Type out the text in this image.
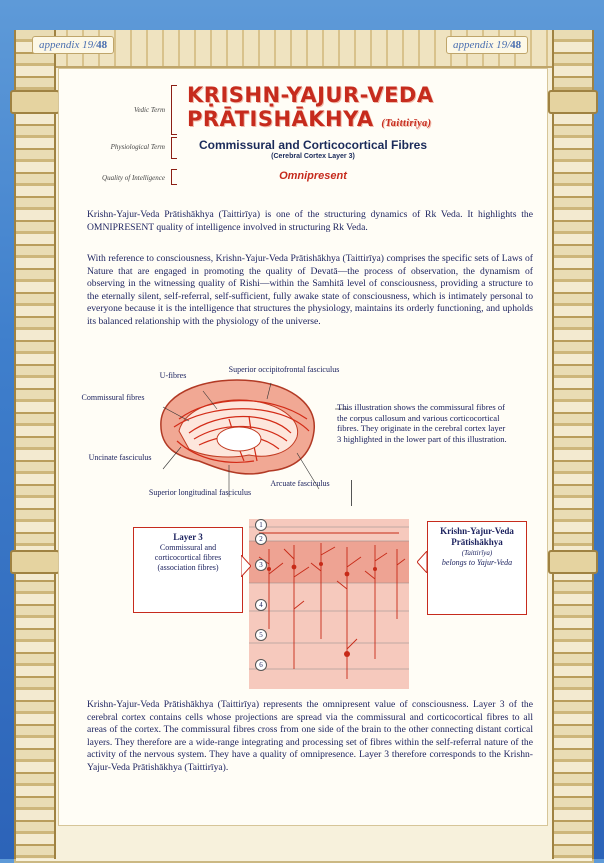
appendix 19/48	appendix 19/48
Vedic Term
Physiological Term
Quality of Intelligence
KṚISHṆ-YAJUR-VEDA
PRĀTISHĀKHYA (Taittirīya)
Commissural and Corticocortical Fibres
(Cerebral Cortex Layer 3)
Omnipresent
Krishn-Yajur-Veda Prātishākhya (Taittirīya) is one of the structuring dynamics of Rk Veda. It highlights the OMNIPRESENT quality of intelligence involved in structuring Rk Veda.
With reference to consciousness, Krishn-Yajur-Veda Prātishākhya (Taittirīya) comprises the specific sets of Laws of Nature that are engaged in promoting the quality of Devatā—the process of observation, the dynamism of observing in the witnessing quality of Rishi—within the Samhitā level of consciousness, providing a structure to the eternally silent, self-referral, self-sufficient, fully awake state of consciousness, which is intimately personal to everyone because it is the intelligence that structures the physiology, maintains its orderly functioning, and upholds its balanced relationship with the physiology of the universe.
U-fibres
Superior occipitofrontal fasciculus
Commissural fibres
Uncinate fasciculus
Superior longitudinal fasciculus
Arcuate fasciculus
This illustration shows the commissural fibres of the corpus callosum and various corticocortical fibres. They originate in the cerebral cortex layer 3 highlighted in the lower part of this illustration.
1
2
3
4
5
6
Layer 3
Commissural and corticocortical fibres (association fibres)
Krishn-Yajur-Veda Prātishākhya
(Taittirīya)
belongs to Yajur-Veda
Krishn-Yajur-Veda Prātishākhya (Taittirīya) represents the omnipresent value of consciousness. Layer 3 of the cerebral cortex contains cells whose projections are spread via the commissural and corticocortical fibres to all areas of the cortex. The commissural fibres cross from one side of the brain to the other connecting distant cortical layers. They therefore are a wide-range integrating and processing set of fibres within the self-referral nature of the activity of the nervous system. They have a quality of omnipresence. Layer 3 therefore corresponds to the Krishn-Yajur-Veda Prātishākhya (Taittirīya).
